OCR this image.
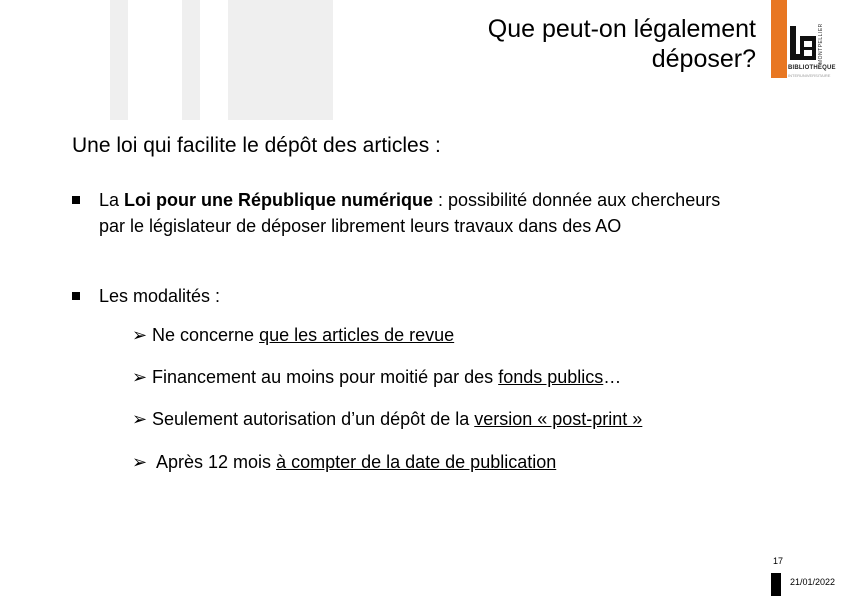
Que peut-on légalement
déposer?	MONTPELLIER
BIBLIOTHÈQUE
INTERUNIVERSITAIRE
Une loi qui facilite le dépôt des articles :
La Loi pour une République numérique : possibilité donnée aux chercheurs par le législateur de déposer librement leurs travaux dans des AO
Les modalités :
➢ Ne concerne que les articles de revue
➢ Financement au moins pour moitié par des fonds publics…
➢ Seulement autorisation d’un dépôt de la version « post-print »
➢ Après 12 mois à compter de la date de publication
17
21/01/2022
